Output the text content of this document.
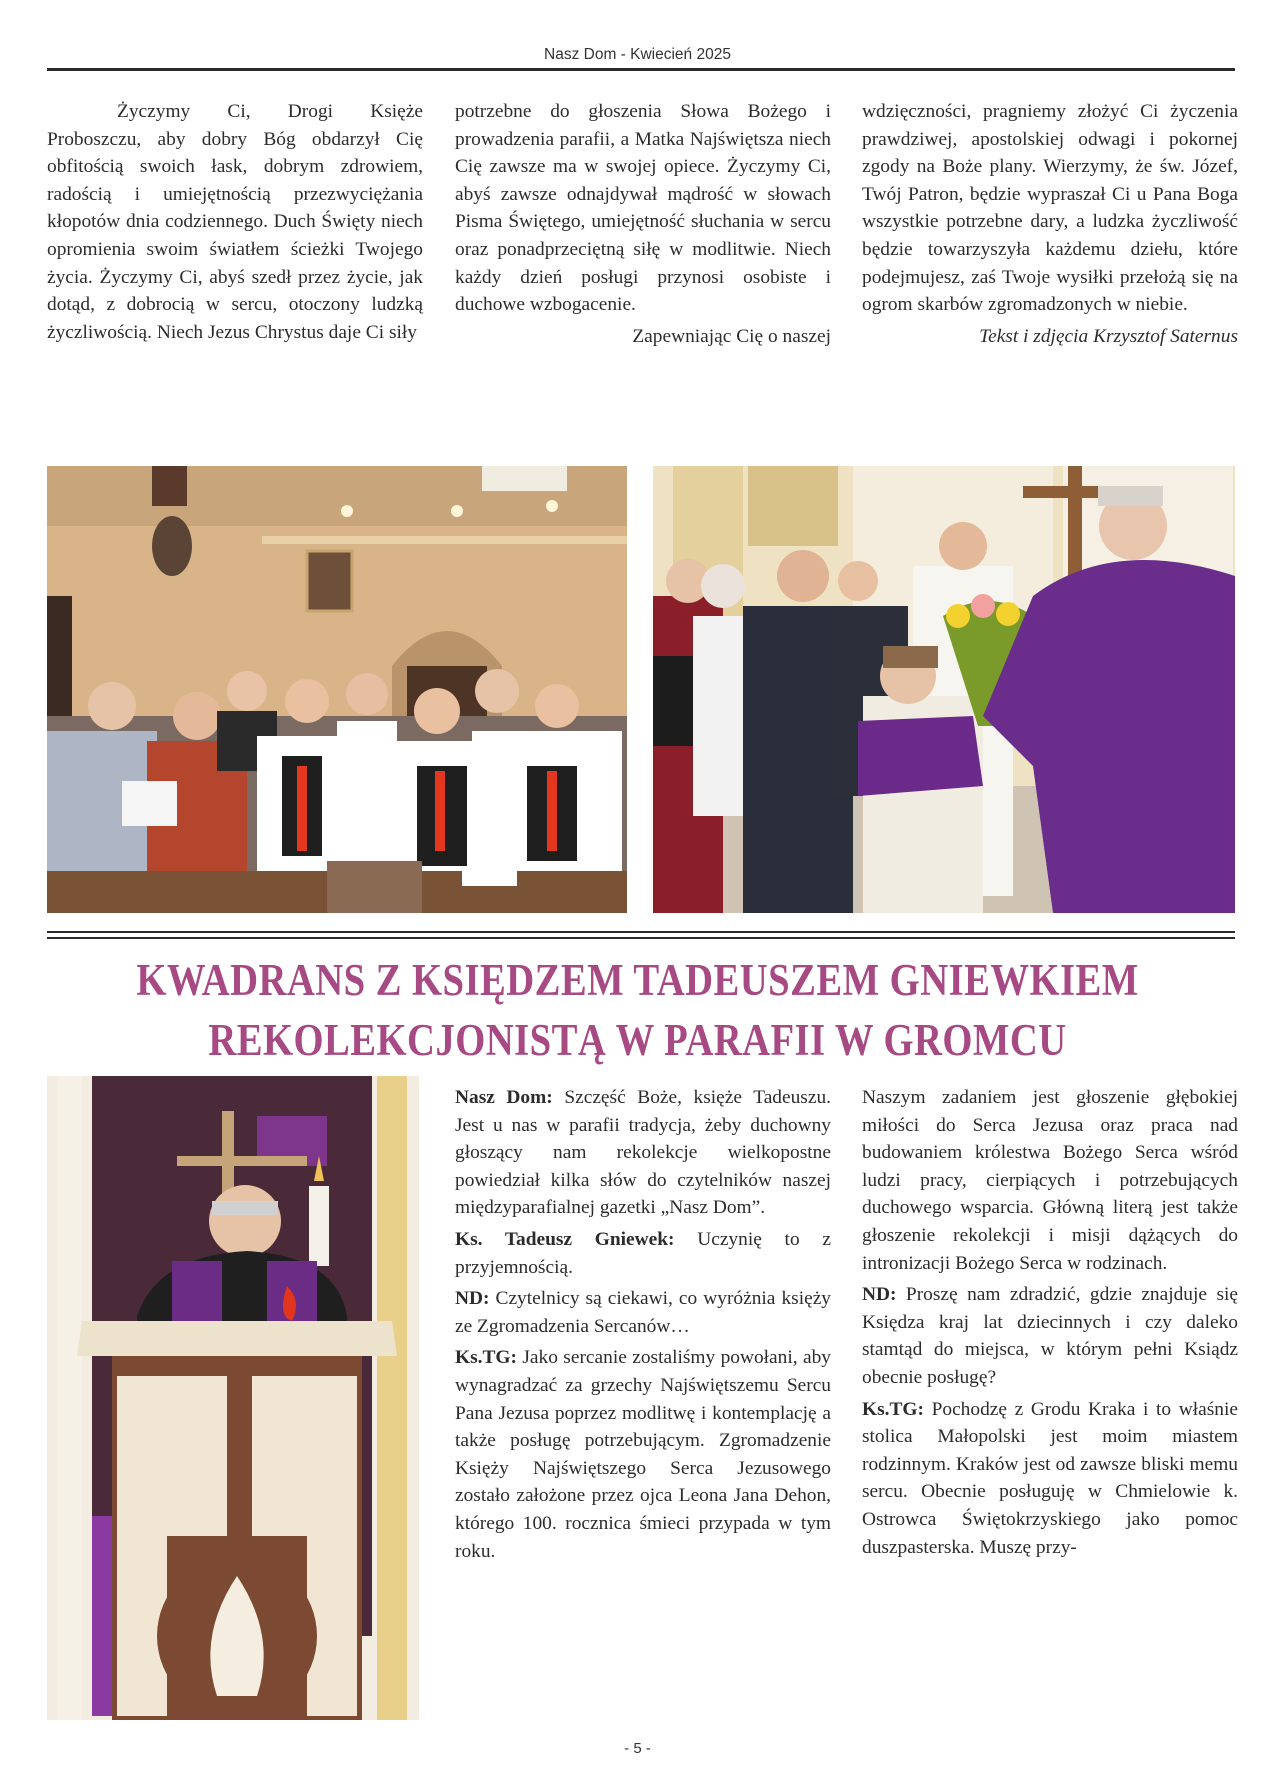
Nasz Dom - Kwiecień 2025

Życzymy Ci, Drogi Księże Proboszczu, aby dobry Bóg obdarzył Cię obfitością swoich łask, dobrym zdrowiem, radością i umiejętnością przezwyciężania kłopotów dnia codziennego. Duch Święty niech opromienia swoim światłem ścieżki Twojego życia. Życzymy Ci, abyś szedł przez życie, jak dotąd, z dobrocią w sercu, otoczony ludzką życzliwością. Niech Jezus Chrystus daje Ci siły

potrzebne do głoszenia Słowa Bożego i prowadzenia parafii, a Matka Najświętsza niech Cię zawsze ma w swojej opiece. Życzymy Ci, abyś zawsze odnajdywał mądrość w słowach Pisma Świętego, umiejętność słuchania w sercu oraz ponadprzeciętną siłę w modlitwie. Niech każdy dzień posługi przynosi osobiste i duchowe wzbogacenie.

Zapewniając Cię o naszej

wdzięczności, pragniemy złożyć Ci życzenia prawdziwej, apostolskiej odwagi i pokornej zgody na Boże plany. Wierzymy, że św. Józef, Twój Patron, będzie wypraszał Ci u Pana Boga wszystkie potrzebne dary, a ludzka życzliwość będzie towarzyszyła każdemu dziełu, które podejmujesz, zaś Twoje wysiłki przełożą się na ogrom skarbów zgromadzonych w niebie.

Tekst i zdjęcia Krzysztof Saternus

KWADRANS Z KSIĘDZEM TADEUSZEM GNIEWKIEM
REKOLEKCJONISTĄ W PARAFII W GROMCU

Nasz Dom: Szczęść Boże, księże Tadeuszu. Jest u nas w parafii tradycja, żeby duchowny głoszący nam rekolekcje wielkopostne powiedział kilka słów do czytelników naszej międzyparafialnej gazetki „Nasz Dom”.

Ks. Tadeusz Gniewek: Uczynię to z przyjemnością.

ND: Czytelnicy są ciekawi, co wyróżnia księży ze Zgromadzenia Sercanów…

Ks.TG: Jako sercanie zostaliśmy powołani, aby wynagradzać za grzechy Najświętszemu Sercu Pana Jezusa poprzez modlitwę i kontemplację a także posługę potrzebującym. Zgromadzenie Księży Najświętszego Serca Jezusowego zostało założone przez ojca Leona Jana Dehon, którego 100. rocznica śmieci przypada w tym roku.

Naszym zadaniem jest głoszenie głębokiej miłości do Serca Jezusa oraz praca nad budowaniem królestwa Bożego Serca wśród ludzi pracy, cierpiących i potrzebujących duchowego wsparcia. Główną literą jest także głoszenie rekolekcji i misji dążących do intronizacji Bożego Serca w rodzinach.

ND: Proszę nam zdradzić, gdzie znajduje się Księdza kraj lat dziecinnych i czy daleko stamtąd do miejsca, w którym pełni Ksiądz obecnie posługę?

Ks.TG: Pochodzę z Grodu Kraka i to właśnie stolica Małopolski jest moim miastem rodzinnym. Kraków jest od zawsze bliski memu sercu. Obecnie posługuję w Chmielowie k. Ostrowca Świętokrzyskiego jako pomoc duszpasterska. Muszę przy-

- 5 -
